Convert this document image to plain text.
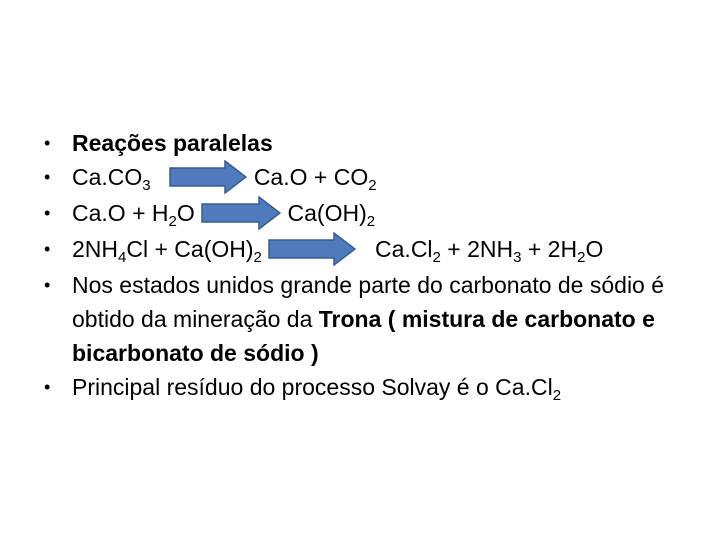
• Reações paralelas
• $Ca.CO_3$	$Ca.O + CO_2$
• $Ca.O + H_2O$	$Ca(OH)_2$
• $2NH_4Cl + Ca(OH)_2$	$Ca.Cl_2 + 2NH_3 + 2H_2O$
• Nos estados unidos grande parte do carbonato de sódio é obtido da mineração da Trona ( mistura de carbonato e bicarbonato de sódio )
• Principal resíduo do processo Solvay é o $Ca.Cl_2$
